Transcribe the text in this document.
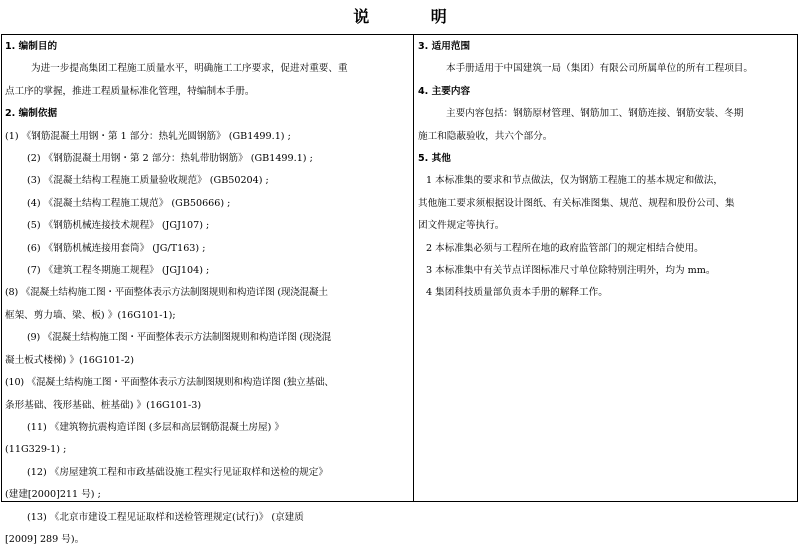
说	明
1. 编制目的
为进一步提高集团工程施工质量水平，明确施工工序要求，促进对重要、重
点工序的掌握，推进工程质量标准化管理，特编制本手册。
2. 编制依据
(1) 《钢筋混凝土用钢・第 1 部分：热轧光圆钢筋》 (GB1499.1) ;
(2) 《钢筋混凝土用钢・第 2 部分：热轧带肋钢筋》 (GB1499.1) ;
(3) 《混凝土结构工程施工质量验收规范》 (GB50204) ;
(4) 《混凝土结构工程施工规范》 (GB50666) ;
(5) 《钢筋机械连接技术规程》 (JGJ107) ;
(6) 《钢筋机械连接用套筒》 (JG/T163) ;
(7) 《建筑工程冬期施工规程》 (JGJ104) ;
(8) 《混凝土结构施工图・平面整体表示方法制图规则和构造详图 (现浇混凝土
框架、剪力墙、梁、板) 》(16G101-1);
(9) 《混凝土结构施工图・平面整体表示方法制图规则和构造详图 (现浇混
凝土板式楼梯) 》(16G101-2)
(10) 《混凝土结构施工图・平面整体表示方法制图规则和构造详图 (独立基础、
条形基础、筏形基础、桩基础) 》(16G101-3)
(11) 《建筑物抗震构造详图 (多层和高层钢筋混凝土房屋) 》
(11G329-1) ;
(12) 《房屋建筑工程和市政基础设施工程实行见证取样和送检的规定》
(建建[2000]211 号) ;
(13) 《北京市建设工程见证取样和送检管理规定(试行)》 (京建质
[2009] 289 号)。
3. 适用范围
本手册适用于中国建筑一局（集团）有限公司所属单位的所有工程项目。
4. 主要内容
主要内容包括：钢筋原材管理、钢筋加工、钢筋连接、钢筋安装、冬期
施工和隐蔽验收，共六个部分。
5. 其他
1 本标准集的要求和节点做法，仅为钢筋工程施工的基本规定和做法，
其他施工要求须根据设计图纸、有关标准图集、规范、规程和股份公司、集
团文件规定等执行。
2 本标准集必须与工程所在地的政府监管部门的规定相结合使用。
3 本标准集中有关节点详图标准尺寸单位除特别注明外，均为 mm。
4 集团科技质量部负责本手册的解释工作。
